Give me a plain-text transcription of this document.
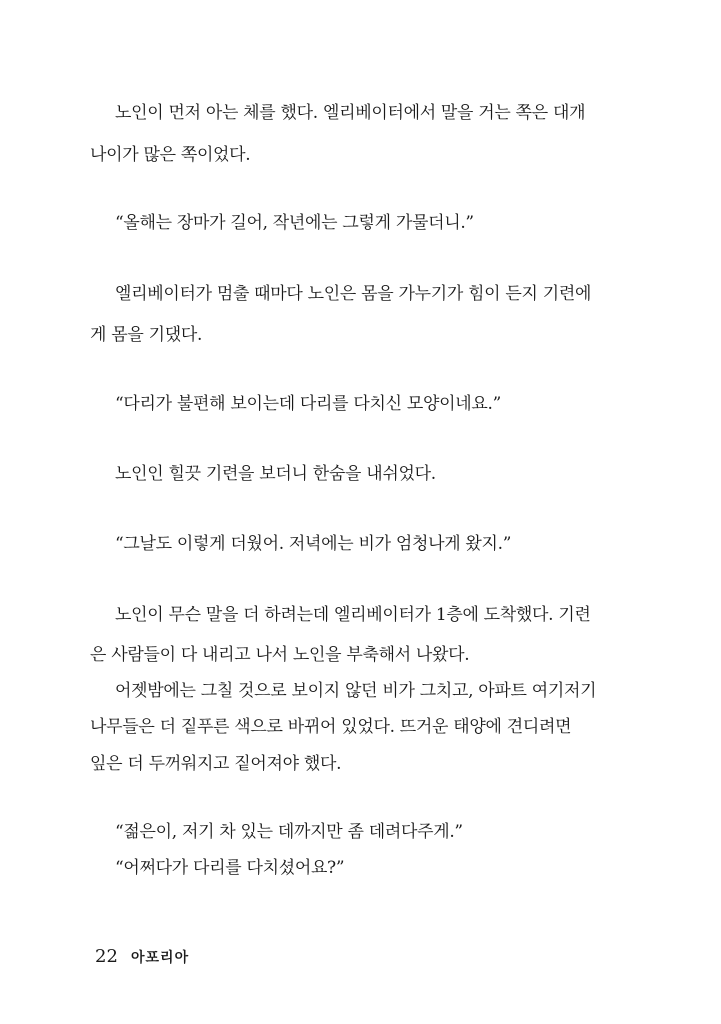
노인이 먼저 아는 체를 했다. 엘리베이터에서 말을 거는 쪽은 대개
나이가 많은 쪽이었다.
“올해는 장마가 길어, 작년에는 그렇게 가물더니.”
엘리베이터가 멈출 때마다 노인은 몸을 가누기가 힘이 든지 기련에
게 몸을 기댔다.
“다리가 불편해 보이는데 다리를 다치신 모양이네요.”
노인인 힐끗 기련을 보더니 한숨을 내쉬었다.
“그날도 이렇게 더웠어. 저녁에는 비가 엄청나게 왔지.”
노인이 무슨 말을 더 하려는데 엘리베이터가 1층에 도착했다. 기련
은 사람들이 다 내리고 나서 노인을 부축해서 나왔다.
어젯밤에는 그칠 것으로 보이지 않던 비가 그치고, 아파트 여기저기
나무들은 더 짙푸른 색으로 바뀌어 있었다. 뜨거운 태양에 견디려면
잎은 더 두꺼워지고 짙어져야 했다.
“젊은이, 저기 차 있는 데까지만 좀 데려다주게.”
“어쩌다가 다리를 다치셨어요?”
22 아포리아
